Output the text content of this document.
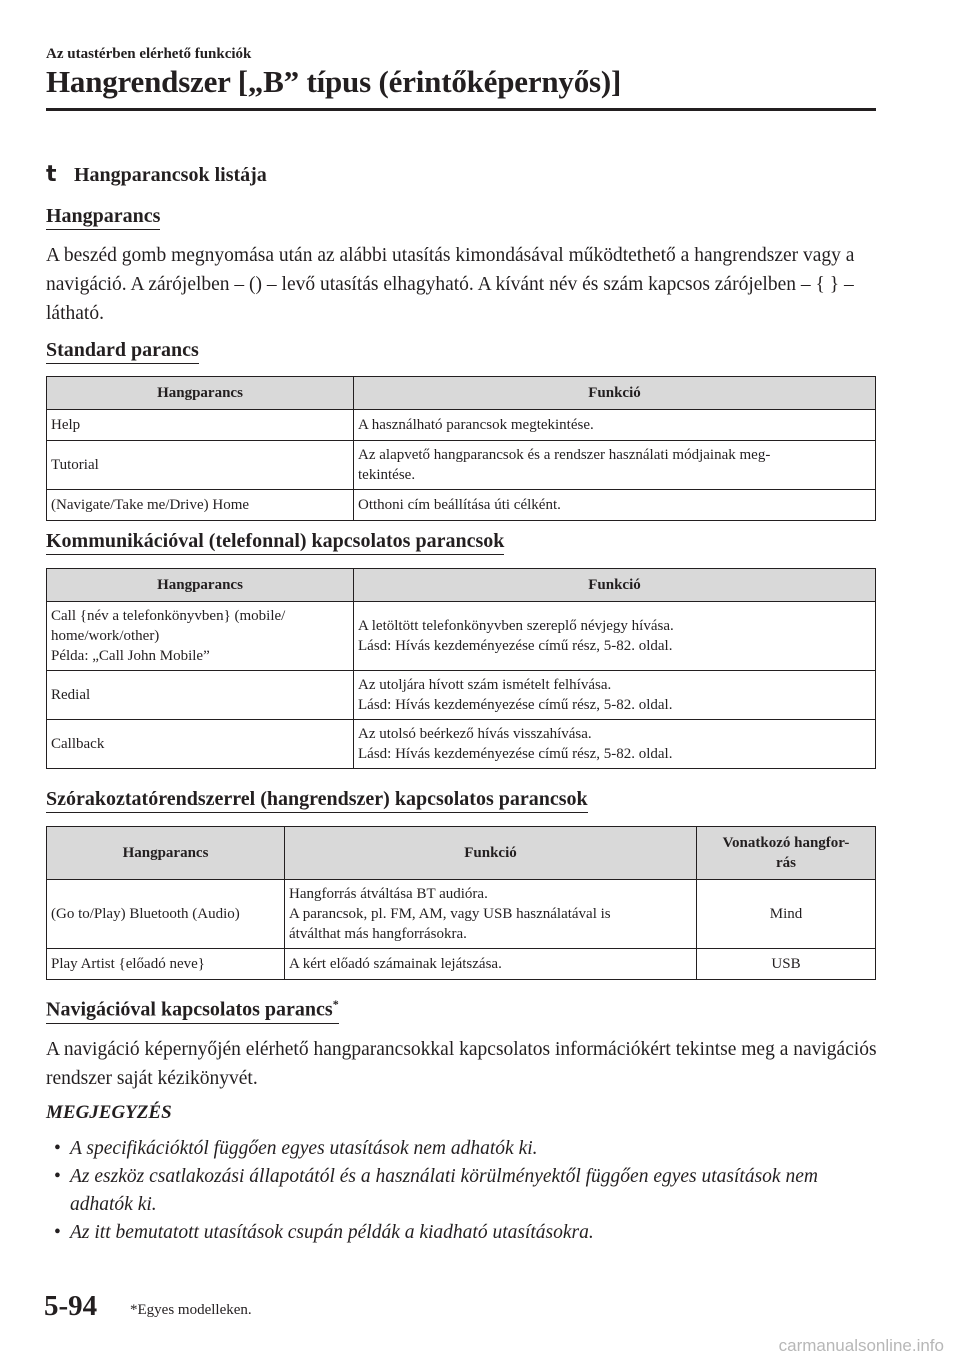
Az utastérben elérhető funkciók
Hangrendszer [„B” típus (érintőképernyős)]
t Hangparancsok listája
Hangparancs
A beszéd gomb megnyomása után az alábbi utasítás kimondásával működtethető a hangrendszer vagy a navigáció. A zárójelben – () – levő utasítás elhagyható. A kívánt név és szám kapcsos zárójelben – { } – látható.
Standard parancs
Hangparancs	Funkció
Help	A használható parancsok megtekintése.
Tutorial	Az alapvető hangparancsok és a rendszer használati módjainak meg-
tekintése.
(Navigate/Take me/Drive) Home	Otthoni cím beállítása úti célként.
Kommunikációval (telefonnal) kapcsolatos parancsok
Hangparancs	Funkció
Call {név a telefonkönyvben} (mobile/
home/work/other)
Példa: „Call John Mobile”	A letöltött telefonkönyvben szereplő névjegy hívása.
Lásd: Hívás kezdeményezése című rész, 5-82. oldal.
Redial	Az utoljára hívott szám ismételt felhívása.
Lásd: Hívás kezdeményezése című rész, 5-82. oldal.
Callback	Az utolsó beérkező hívás visszahívása.
Lásd: Hívás kezdeményezése című rész, 5-82. oldal.
Szórakoztatórendszerrel (hangrendszer) kapcsolatos parancsok
Hangparancs	Funkció	Vonatkozó hangfor-
rás
(Go to/Play) Bluetooth (Audio)	Hangforrás átváltása BT audióra.
A parancsok, pl. FM, AM, vagy USB használatával is
átválthat más hangforrásokra.	Mind
Play Artist {előadó neve}	A kért előadó számainak lejátszása.	USB
Navigációval kapcsolatos parancs*
A navigáció képernyőjén elérhető hangparancsokkal kapcsolatos információkért tekintse meg a navigációs rendszer saját kézikönyvét.
MEGJEGYZÉS
• A specifikációktól függően egyes utasítások nem adhatók ki.
• Az eszköz csatlakozási állapotától és a használati körülményektől függően egyes utasítások nem adhatók ki.
• Az itt bemutatott utasítások csupán példák a kiadható utasításokra.
5-94 *Egyes modelleken.
carmanualsonline.info
